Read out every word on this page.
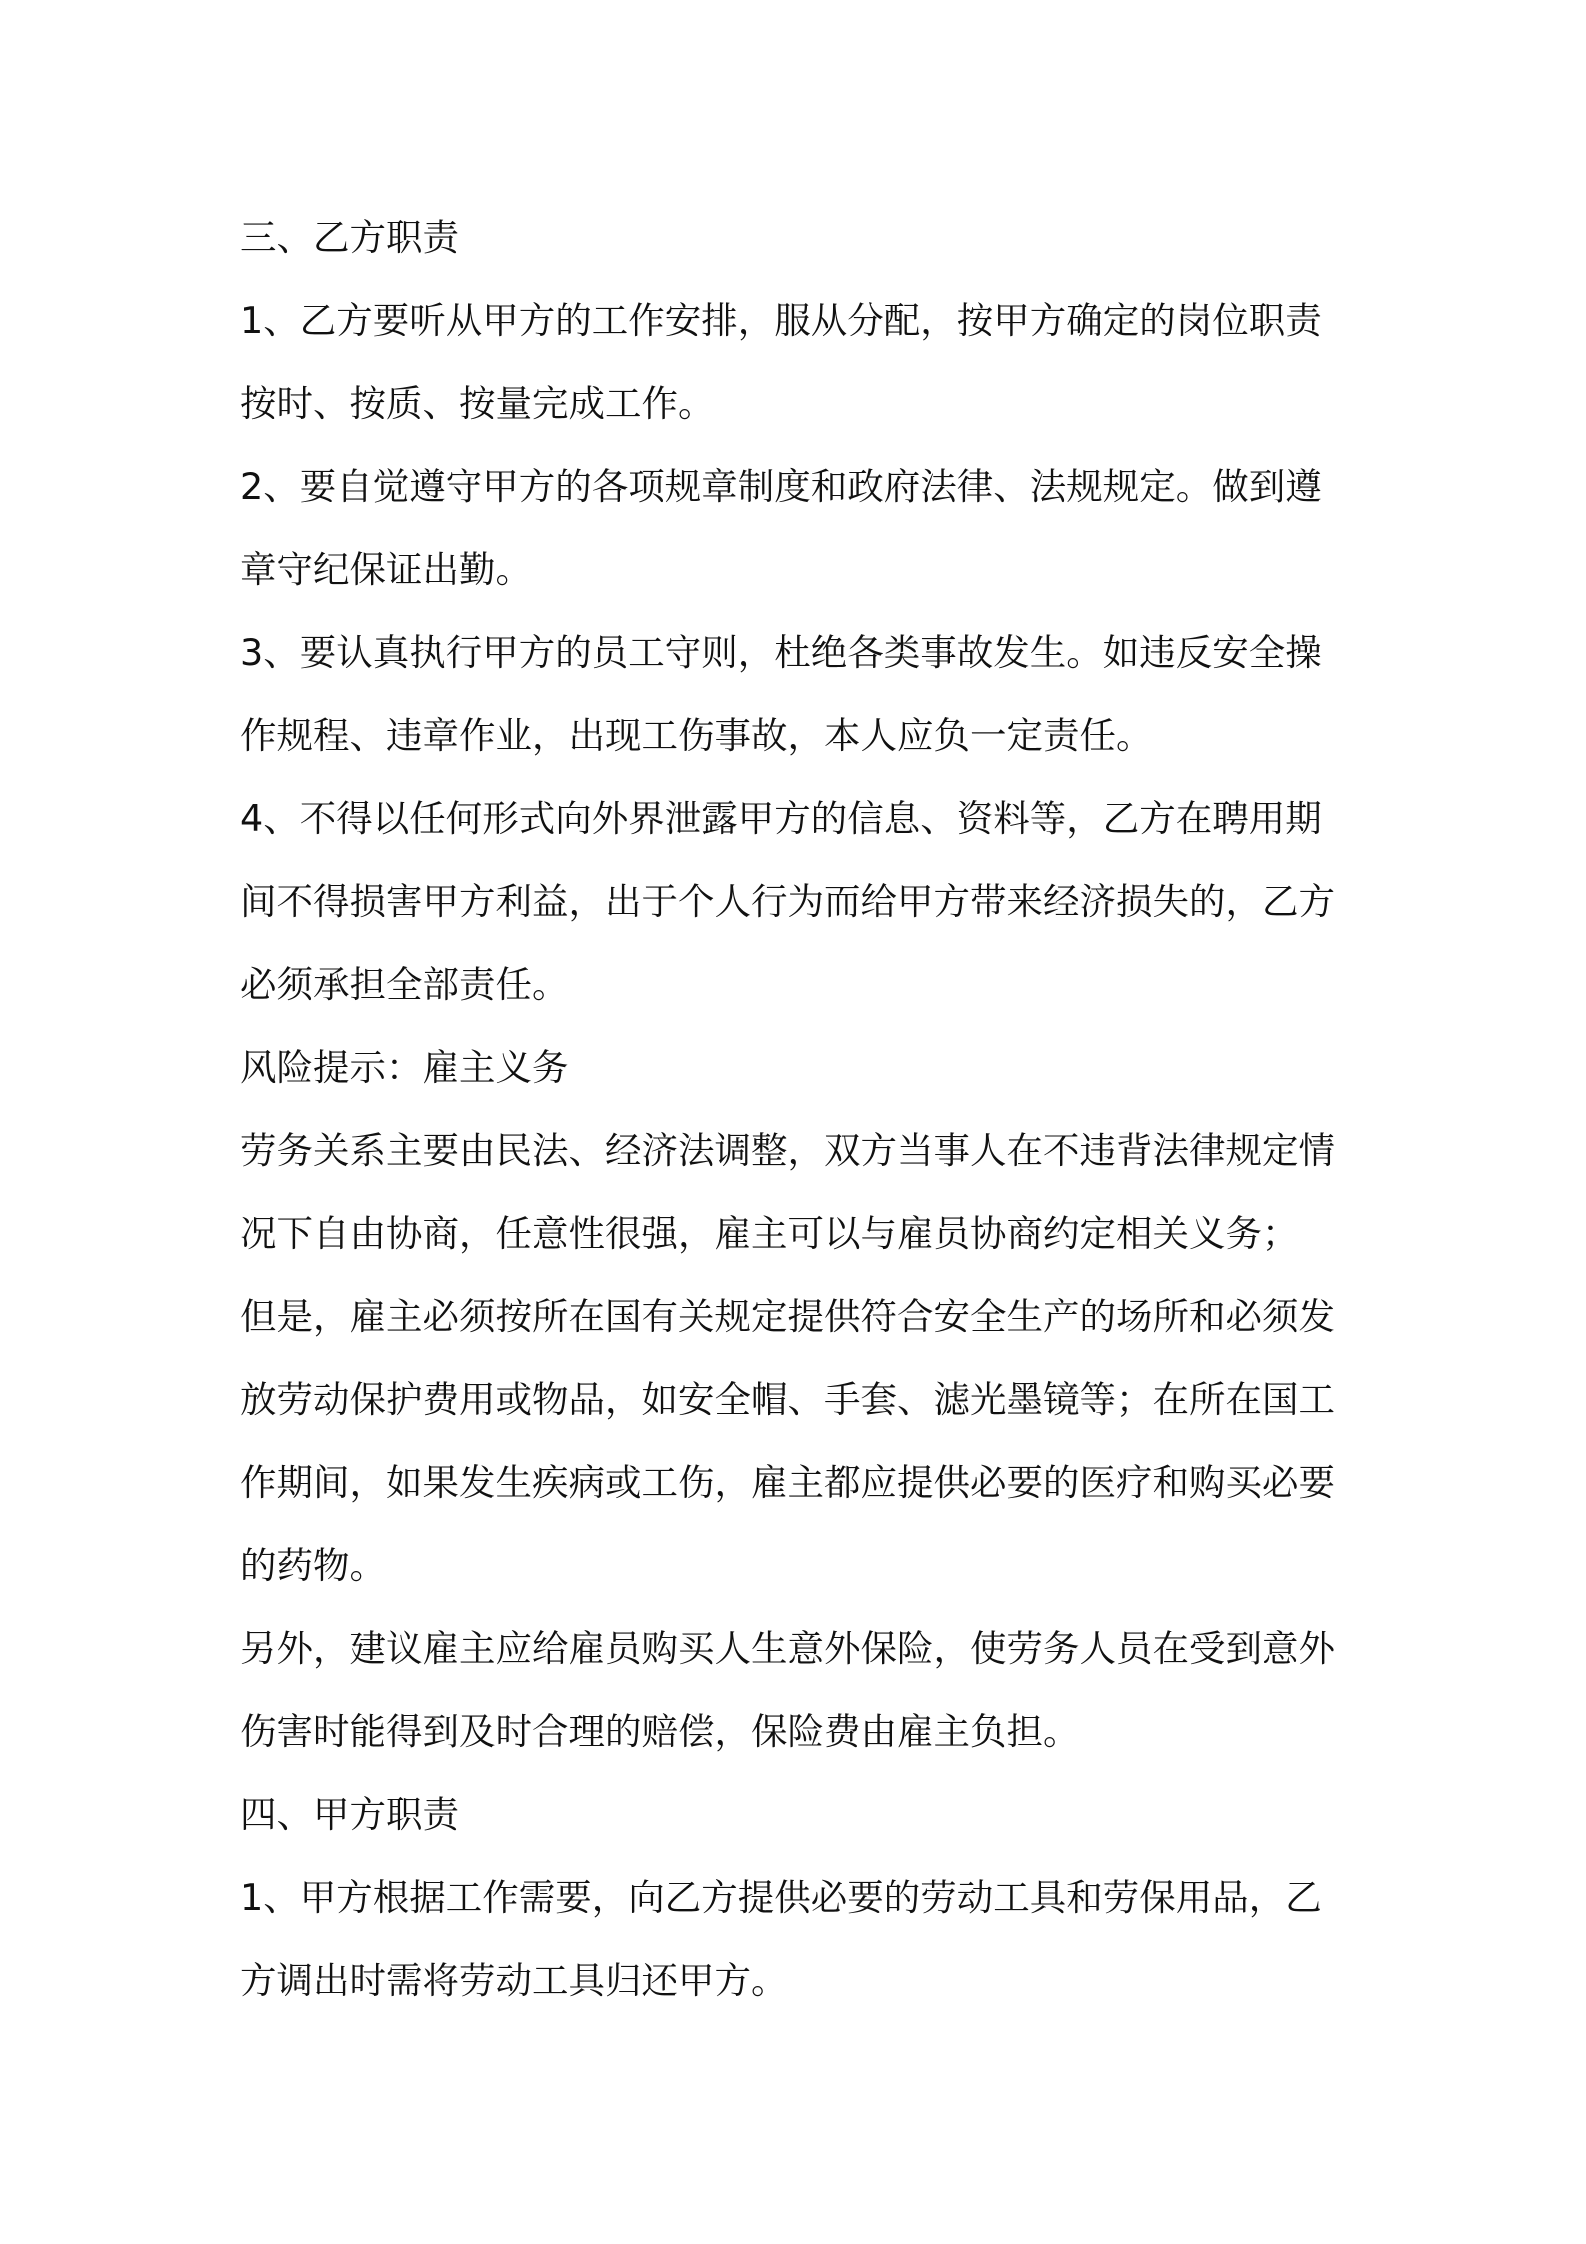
三、乙方职责
1、乙方要听从甲方的工作安排，服从分配，按甲方确定的岗位职责
按时、按质、按量完成工作。
2、要自觉遵守甲方的各项规章制度和政府法律、法规规定。做到遵
章守纪保证出勤。
3、要认真执行甲方的员工守则，杜绝各类事故发生。如违反安全操
作规程、违章作业，出现工伤事故，本人应负一定责任。
4、不得以任何形式向外界泄露甲方的信息、资料等，乙方在聘用期
间不得损害甲方利益，出于个人行为而给甲方带来经济损失的，乙方
必须承担全部责任。
风险提示：雇主义务
劳务关系主要由民法、经济法调整，双方当事人在不违背法律规定情
况下自由协商，任意性很强，雇主可以与雇员协商约定相关义务；
但是，雇主必须按所在国有关规定提供符合安全生产的场所和必须发
放劳动保护费用或物品，如安全帽、手套、滤光墨镜等；在所在国工
作期间，如果发生疾病或工伤，雇主都应提供必要的医疗和购买必要
的药物。
另外，建议雇主应给雇员购买人生意外保险，使劳务人员在受到意外
伤害时能得到及时合理的赔偿，保险费由雇主负担。
四、甲方职责
1、甲方根据工作需要，向乙方提供必要的劳动工具和劳保用品，乙
方调出时需将劳动工具归还甲方。
